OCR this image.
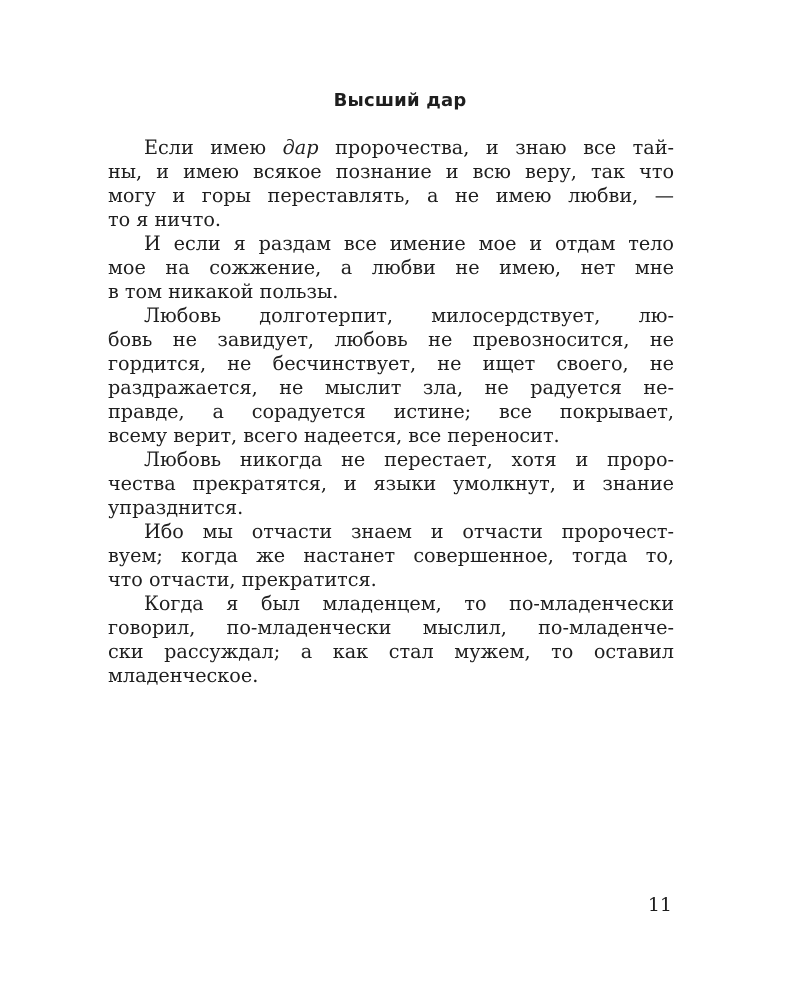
Высший дар
Если имею дар пророчества, и знаю все тай-
ны, и имею всякое познание и всю веру, так что
могу и горы переставлять, а не имею любви, —
то я ничто.
И если я раздам все имение мое и отдам тело
мое на сожжение, а любви не имею, нет мне
в том никакой пользы.
Любовь долготерпит, милосердствует, лю-
бовь не завидует, любовь не превозносится, не
гордится, не бесчинствует, не ищет своего, не
раздражается, не мыслит зла, не радуется не-
правде, а сорадуется истине; все покрывает,
всему верит, всего надеется, все переносит.
Любовь никогда не перестает, хотя и проро-
чества прекратятся, и языки умолкнут, и знание
упразднится.
Ибо мы отчасти знаем и отчасти пророчест-
вуем; когда же настанет совершенное, тогда то,
что отчасти, прекратится.
Когда я был младенцем, то по-младенчески
говорил, по-младенчески мыслил, по-младенче-
ски рассуждал; а как стал мужем, то оставил
младенческое.
11
